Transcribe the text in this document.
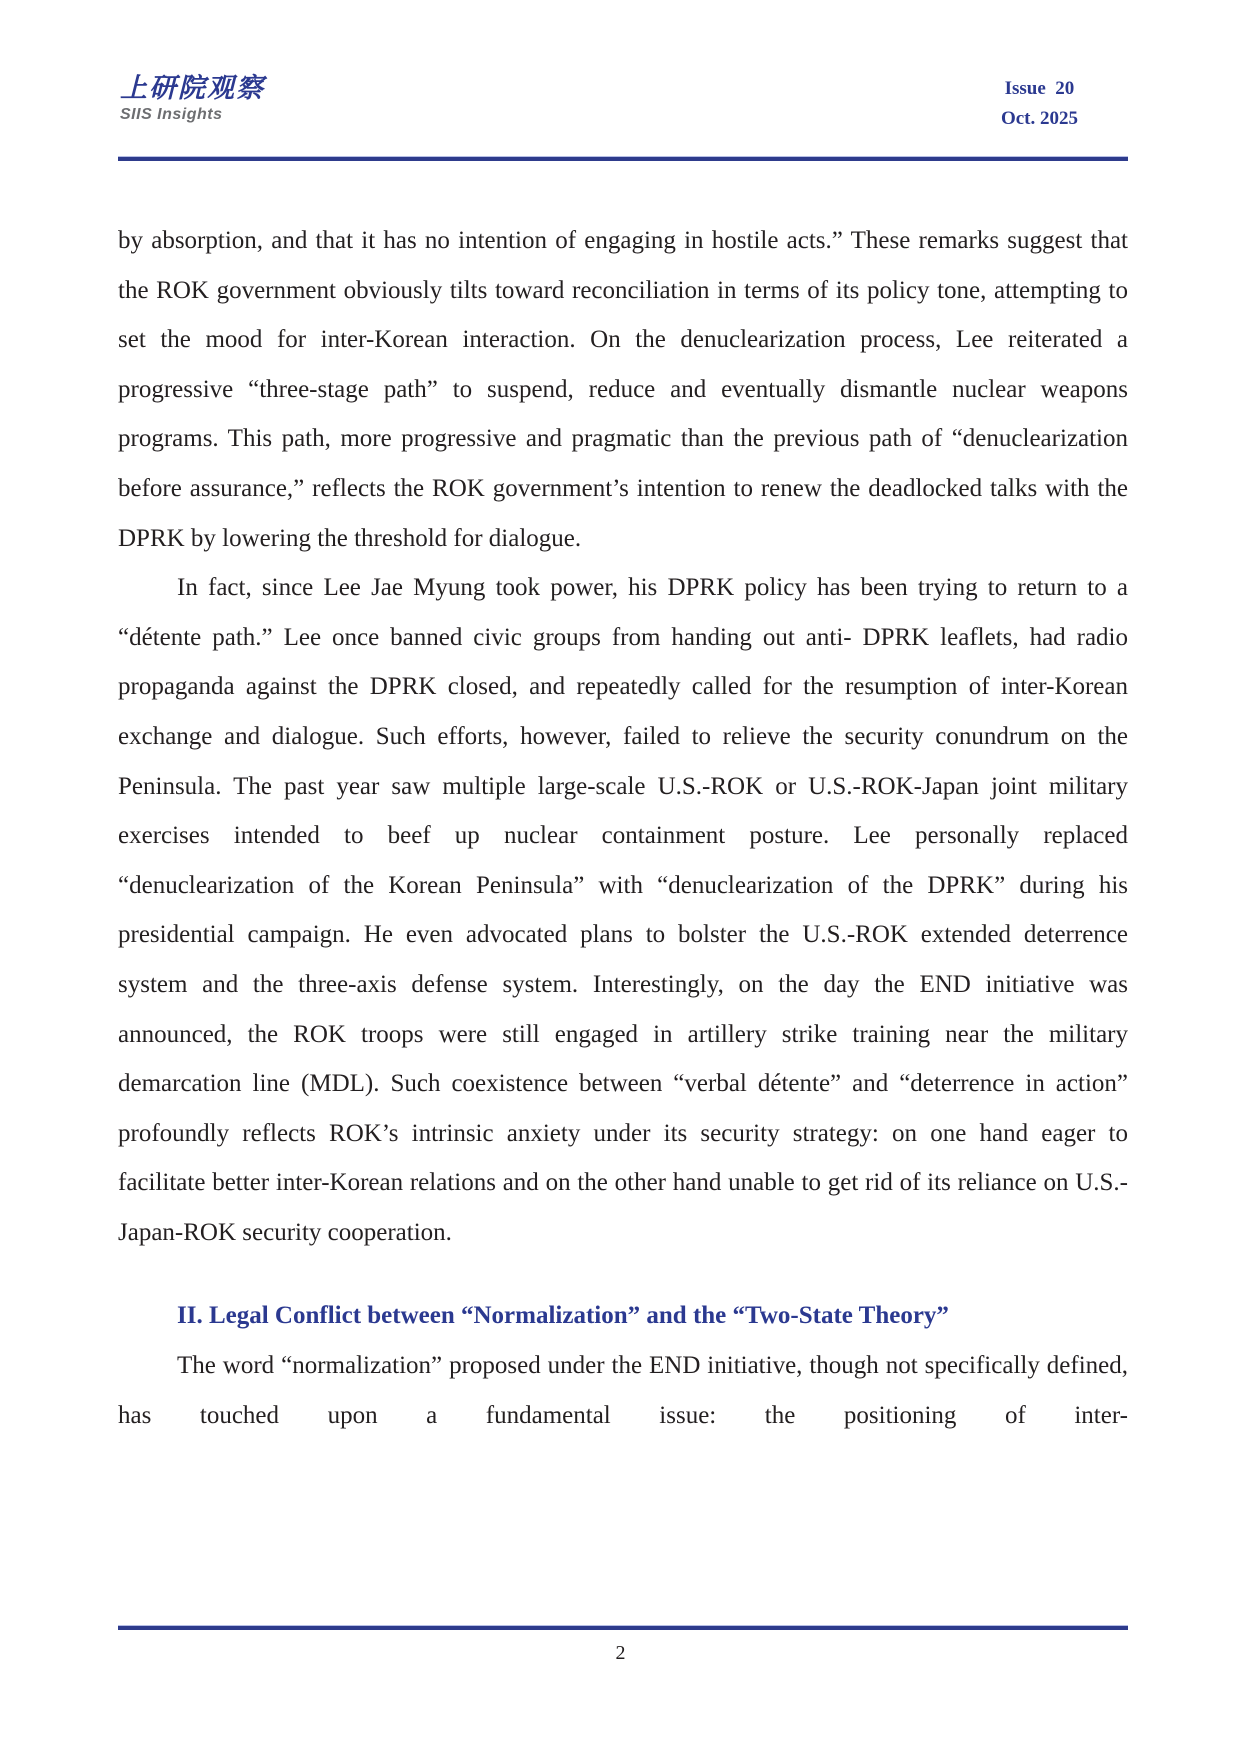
上研院观察
SIIS Insights
Issue  20
Oct. 2025

by absorption, and that it has no intention of engaging in hostile acts.” These remarks suggest that the ROK government obviously tilts toward reconciliation in terms of its policy tone, attempting to set the mood for inter-Korean interaction. On the denuclearization process, Lee reiterated a progressive “three-stage path” to suspend, reduce and eventually dismantle nuclear weapons programs. This path, more progressive and pragmatic than the previous path of “denuclearization before assurance,” reflects the ROK government’s intention to renew the deadlocked talks with the DPRK by lowering the threshold for dialogue.

In fact, since Lee Jae Myung took power, his DPRK policy has been trying to return to a “détente path.” Lee once banned civic groups from handing out anti- DPRK leaflets, had radio propaganda against the DPRK closed, and repeatedly called for the resumption of inter-Korean exchange and dialogue. Such efforts, however, failed to relieve the security conundrum on the Peninsula. The past year saw multiple large-scale U.S.-ROK or U.S.-ROK-Japan joint military exercises intended to beef up nuclear containment posture. Lee personally replaced “denuclearization of the Korean Peninsula” with “denuclearization of the DPRK” during his presidential campaign. He even advocated plans to bolster the U.S.-ROK extended deterrence system and the three-axis defense system. Interestingly, on the day the END initiative was announced, the ROK troops were still engaged in artillery strike training near the military demarcation line (MDL). Such coexistence between “verbal détente” and “deterrence in action” profoundly reflects ROK’s intrinsic anxiety under its security strategy: on one hand eager to facilitate better inter-Korean relations and on the other hand unable to get rid of its reliance on U.S.-Japan-ROK security cooperation.

II. Legal Conflict between “Normalization” and the “Two-State Theory”

The word “normalization” proposed under the END initiative, though not specifically defined, has touched upon a fundamental issue: the positioning of inter-

2
